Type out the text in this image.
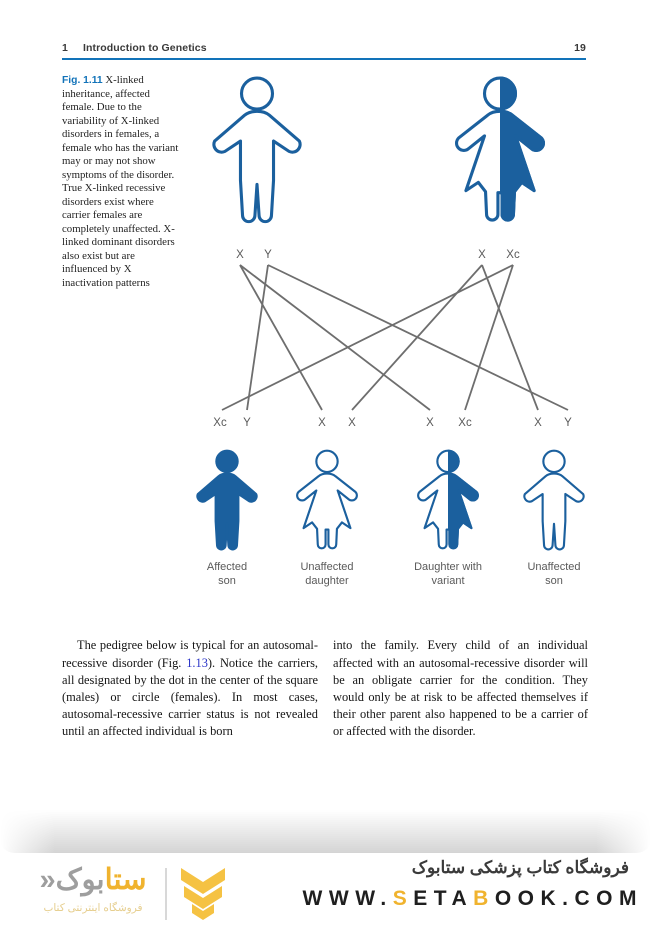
1 Introduction to Genetics	19
Fig. 1.11 X-linked inheritance, affected female. Due to the variability of X-linked disorders in females, a female who has the variant may or may not show symptoms of the disorder. True X-linked recessive disorders exist where carrier females are completely unaffected. X-linked dominant disorders also exist but are influenced by X inactivation patterns
X Y	X Xc
Xc Y
Affected
son
X X
Unaffected
daughter
X Xc
Daughter with
variant
X Y
Unaffected
son

The pedigree below is typical for an autosomal-recessive disorder (Fig. 1.13). Notice the carriers, all designated by the dot in the center of the square (males) or circle (females). In most cases, autosomal-recessive carrier status is not revealed until an affected individual is born

into the family. Every child of an individual affected with an autosomal-recessive disorder will be an obligate carrier for the condition. They would only be at risk to be affected themselves if their other parent also happened to be a carrier of or affected with the disorder.

ستابوک«
فروشگاه اینترنتی کتاب
فروشگاه کتاب پزشکی ستابوک
WWW.SETABOOK.COM
